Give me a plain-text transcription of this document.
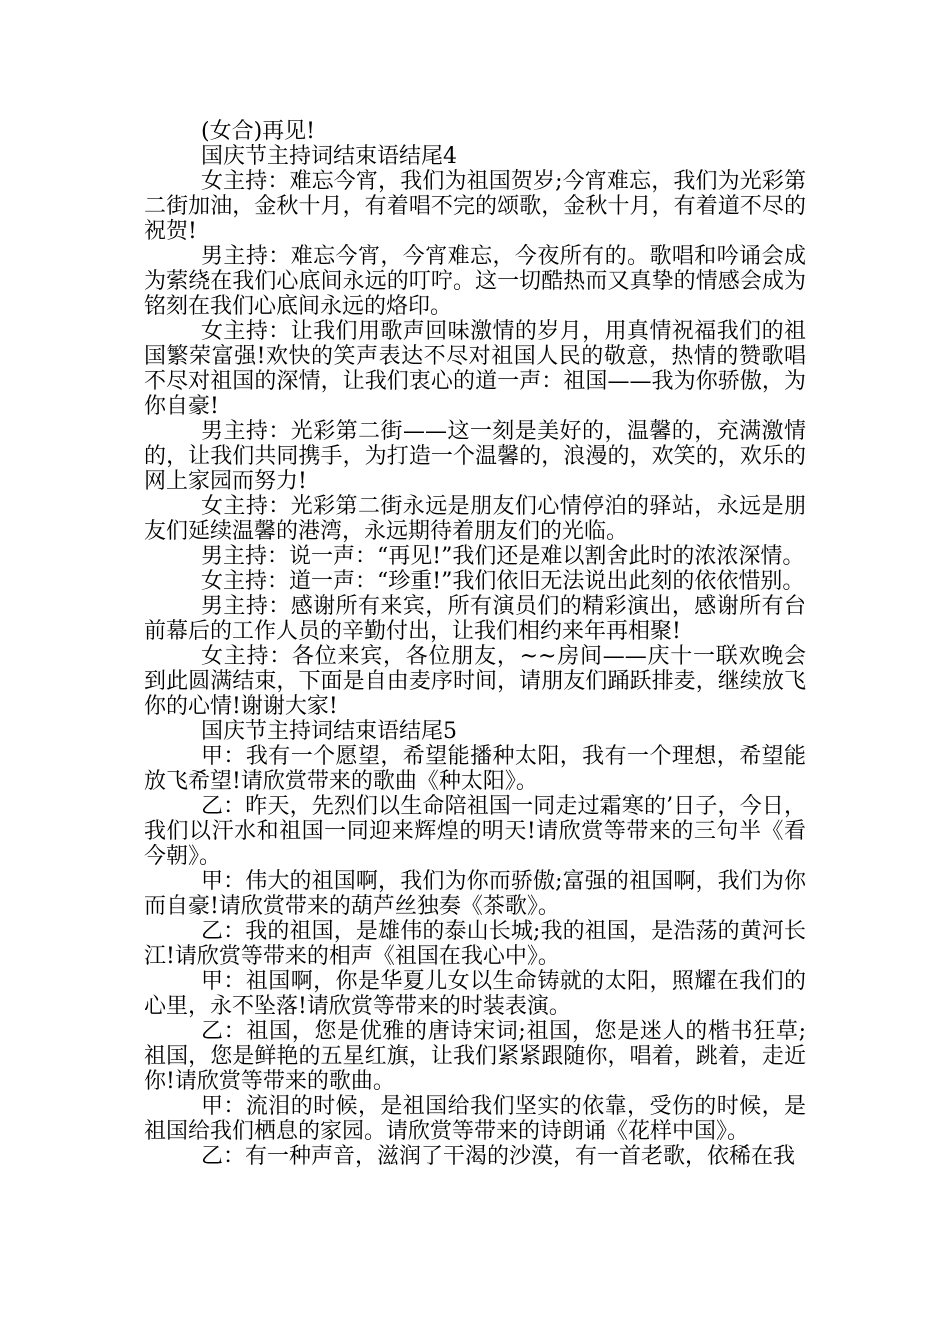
(女合)再见!

国庆节主持词结束语结尾4

女主持：难忘今宵，我们为祖国贺岁;今宵难忘，我们为光彩第二街加油，金秋十月，有着唱不完的颂歌，金秋十月，有着道不尽的祝贺!

男主持：难忘今宵，今宵难忘，今夜所有的。歌唱和吟诵会成为萦绕在我们心底间永远的叮咛。这一切酷热而又真挚的情感会成为铭刻在我们心底间永远的烙印。

女主持：让我们用歌声回味激情的岁月，用真情祝福我们的祖国繁荣富强!欢快的笑声表达不尽对祖国人民的敬意，热情的赞歌唱不尽对祖国的深情，让我们衷心的道一声：祖国——我为你骄傲，为你自豪!

男主持：光彩第二街——这一刻是美好的，温馨的，充满激情的，让我们共同携手，为打造一个温馨的，浪漫的，欢笑的，欢乐的网上家园而努力!

女主持：光彩第二街永远是朋友们心情停泊的驿站，永远是朋友们延续温馨的港湾，永远期待着朋友们的光临。

男主持：说一声：“再见!”我们还是难以割舍此时的浓浓深情。

女主持：道一声：“珍重!”我们依旧无法说出此刻的依依惜别。

男主持：感谢所有来宾，所有演员们的精彩演出，感谢所有台前幕后的工作人员的辛勤付出，让我们相约来年再相聚!

女主持：各位来宾，各位朋友，~~房间——庆十一联欢晚会到此圆满结束，下面是自由麦序时间，请朋友们踊跃排麦，继续放飞你的心情!谢谢大家!

国庆节主持词结束语结尾5

甲：我有一个愿望，希望能播种太阳，我有一个理想，希望能放飞希望!请欣赏带来的歌曲《种太阳》。

乙：昨天，先烈们以生命陪祖国一同走过霜寒的’日子，今日，我们以汗水和祖国一同迎来辉煌的明天!请欣赏等带来的三句半《看今朝》。

甲：伟大的祖国啊，我们为你而骄傲;富强的祖国啊，我们为你而自豪!请欣赏带来的葫芦丝独奏《茶歌》。

乙：我的祖国，是雄伟的泰山长城;我的祖国，是浩荡的黄河长江!请欣赏等带来的相声《祖国在我心中》。

甲：祖国啊，你是华夏儿女以生命铸就的太阳，照耀在我们的心里，永不坠落!请欣赏等带来的时装表演。

乙：祖国，您是优雅的唐诗宋词;祖国，您是迷人的楷书狂草;祖国，您是鲜艳的五星红旗，让我们紧紧跟随你，唱着，跳着，走近你!请欣赏等带来的歌曲。

甲：流泪的时候，是祖国给我们坚实的依靠，受伤的时候，是祖国给我们栖息的家园。请欣赏等带来的诗朗诵《花样中国》。

乙：有一种声音，滋润了干渴的沙漠，有一首老歌，依稀在我
